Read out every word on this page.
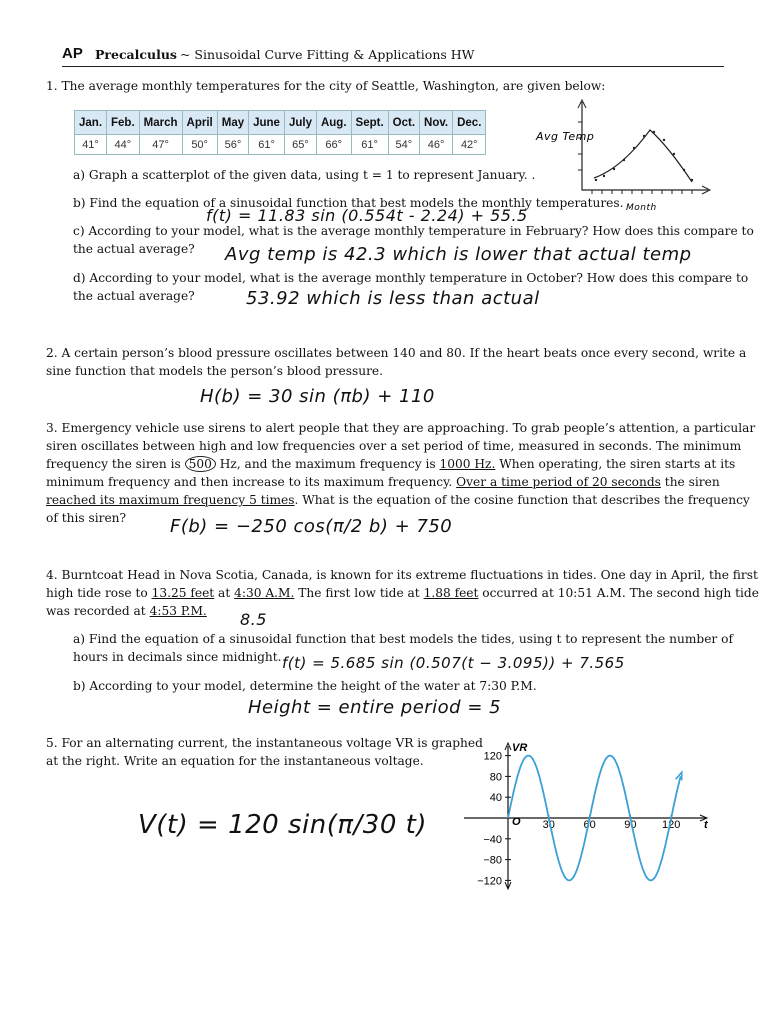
AP Precalculus ~ Sinusoidal Curve Fitting & Applications HW
1. The average monthly temperatures for the city of Seattle, Washington, are given below:
Jan.	Feb.	March	April	May	June	July	Aug.	Sept.	Oct.	Nov.	Dec.
41°	44°	47°	50°	56°	61°	65°	66°	61°	54°	46°	42°
Avg Temp
Month
a) Graph a scatterplot of the given data, using t = 1 to represent January. .
b) Find the equation of a sinusoidal function that best models the monthly temperatures.
f(t) = 11.83 sin (0.554t - 2.24) + 55.5
c) According to your model, what is the average monthly temperature in February? How does this compare to
the actual average? Avg temp is 42.3 which is lower that actual temp
d) According to your model, what is the average monthly temperature in October? How does this compare to
the actual average?	53.92 which is less than actual
2. A certain person’s blood pressure oscillates between 140 and 80. If the heart beats once every second, write a
sine function that models the person’s blood pressure.
H(b) = 30 sin (πb) + 110
3. Emergency vehicle use sirens to alert people that they are approaching. To grab people’s attention, a particular
siren oscillates between high and low frequencies over a set period of time, measured in seconds. The minimum
frequency the siren is 500 Hz, and the maximum frequency is 1000 Hz. When operating, the siren starts at its
minimum frequency and then increase to its maximum frequency. Over a time period of 20 seconds the siren
reached its maximum frequency 5 times. What is the equation of the cosine function that describes the frequency
of this siren? F(b) = −250 cos(π/2 b) + 750
4. Burntcoat Head in Nova Scotia, Canada, is known for its extreme fluctuations in tides. One day in April, the first
high tide rose to 13.25 feet at 4:30 A.M. The first low tide at 1.88 feet occurred at 10:51 A.M. The second high tide
was recorded at 4:53 P.M. 8.5
a) Find the equation of a sinusoidal function that best models the tides, using t to represent the number of
hours in decimals since midnight. f(t) = 5.685 sin (0.507(t − 3.095)) + 7.565
b) According to your model, determine the height of the water at 7:30 P.M.
Height = entire period = 5
5. For an alternating current, the instantaneous voltage VR is graphed
at the right. Write an equation for the instantaneous voltage.
V(t) = 120 sin(π/30 t)	30	60	90 120
120
80
40
−40
−80
−120
O
VR
t
